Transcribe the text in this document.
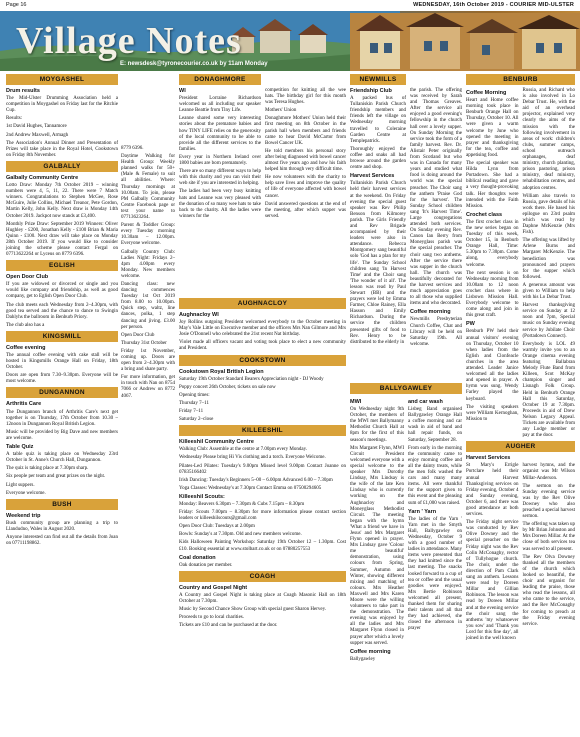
Page 16	WEDNESDAY, 16th October 2019 - COURIER MID-ULSTER
Village Notes
E: newsdesk@tyronecourier.co.uk by 11am Monday
MOYGASHEL
Drum results

The Mid-Ulster Drumming Association held a competition in Moygashel on Friday last for the Ritchie Cup.

Results:

1st David Hughes, Tannamore

2nd Andrew Maxwell, Armagh

The Association's Annual Dinner and Presentation of Prizes will take place in the Royal Hotel, Cookstown on Friday 8th November.

GALBALLY
Galbally Community Centre

Lotto Draw: Monday 7th October 2019 – winning numbers were 4, 5, 11, 22. There were 7 Match winners. Congratulations to Stephen McGee, Rose McGuire, Julie Collins, Michael Treanor, Pete Gordon, Martin Kelly, John Kelly. Next draw is Monday 14th October 2019. Jackpot now stands at £3,400.

Monthly Prize Draw: September 2019 Winners: Oliver Hughley - £200, Jonathan Kelly - £100 Brian & Maria Quinn - £100. Next draw will take place on Monday 28th October 2019. If you would like to consider joining the scheme please contact Fergal on 07713622264 or Lyceus on 8779 6396.

EGLISH
Open Door Club

If you are widowed or divorced or single and you would like company and friendship, as well as good company, get to Eglish Open Door Club.

The club meets each Wednesday from 2–4.30pm, with good tea served and the chance to dance to Swingin Dahlyhs the ballroom in Benburb Priory.

The club also has a

KINGSMILL
Coffee evening

The annual coffee evening with cake stall will be hosted in Kingsmills Orange Hall on Friday, 18th October.

Doors are open from 7.30–9.30pm. Everyone will be most welcome.

DUNGANNON
Arthritis Care

The Dungannon branch of Arthritis Care's next get together is on Thursday, 17th October from 10.30 – 12noon in Dungannon Royal British Legion.

Music will be provided by Big Dave and new members are welcome.

Table Quiz

A table quiz is taking place on Wednesday 23rd October in St. Anne's Church Hall, Dungannon.

The quiz is taking place at 7.30pm sharp.

Six people per team and great prizes on the night.

Light suppers.

Everyone welcome.

BUSH
Weekend trip

Bush community group are planning a trip to Llandudno, Wales in August 2020.

Anyone interested can find out all the details from Joan on 07711198862.

8779 6396.

Daytime Walking for Health Group: Weekly planned walks for 50+ (Male & Female) to suit all abilities. Where: Thursday mornings at 10.00am. To join, please PM Galbally Community Centre Facebook page or text your name to 07713623264.

Parent & Toddler Group: every Tuesday morning 10.30am – 12.00pm. Everyone welcome.

Galbally Country Club: Ladies Night: Fridays 2–4pm 4.00pm every Monday. New members welcome.

Dancing class: new dancing commences Tuesday 1st Oct 2019 from 8.00 to 10.00pm. Quick step, waltz, line dances, polka, 1 step dancing and jiving. £3.00 per person.

Open Door Club

Thursday 31st October

Friday 1st November, coming up. Doors are open from 2–4.30pm with a bring and share party.

For more information, get in touch with Nan on 8754 7066 or Andrew on 8772 4067.

DONAGHMORE
WI

President Lorraine Richardson welcomed us all including our speaker Leanne Beattie from Tiny Life.

Leanne shared some very interesting stories about the premature babies and how TINY LIFE relies on the generosity of the local community to be able to provide all the different services to the families.

Every year in Northern Ireland over 1800 babies are born prematurely.

There are so many different ways to help with this charity and you can visit their web site if you are interested in helping.

The ladies had been very busy knitting hats and Leanne was very pleased with the donation of so many wee hats to take back to the charity. All the ladies were winners for the

competition for knitting all the wee hats. The birthday girl for this month was Teresa Hughes.

Mothers' Union

Donaghmore Mothers' Union held their first meeting on 8th October in the parish hall when members and friends came to hear David McCartor from Bowel Cancer UK.

He told members his personal story after being diagnosed with bowel cancer almost five years ago and how his faith helped him through very difficult time.

He now volunteers with the charity to help save lives and improve the quality of life of everyone affected with bowel cancer.

David answered questions at the end of the meeting, after which supper was served.

AUGHNACLOY
Aughnacloy WI

Joy Rollins outgoing President welcomed everybody to the October meeting in May's Vale Little on Executive member and the officers Mrs Nan Gilmore and Mrs Josie O'Donnell who celebrated the 21st recent Nat birthday.

Violet made all officers vacant and voting took place to elect a new community and President.

COOKSTOWN
Cookstown Royal British Legion

Saturday 19th October Standard Bearers Appreciation night - DJ Woody

Poppy concert 26th October, tickets on sale now

Opening times:

Thursday 7–11

Friday 7–11

Saturday 2–close

KILLEESHIL
Killeeshil Community Centre

Walking Club: Assemble at the centre at 7.00pm every Monday.

Wednesday Please bring Hi Vis clothing and a torch. Everyone Welcome.

Pilates-Led Pilates: Tuesday's 9.00pm Missed level 9.00pm Contact Joanne on 07835166402

Irish Dancing: Tuesday's Beginners 5–00 – 6.00pm Advanced 6.00 – 7.30pm

Yoga Classes: Wednesday's at 7.30pm Contact Emma on 07500294605

Killeeshil Scouts:

Monday: Beavers 6.30pm – 7.30pm & Cubs 7.15pm – 8.30pm

Friday: Scouts 7.00pm – 8.30pm for more information please contact section leaders or killeeshilscouts@gmail.com

Open Door Club: Tuesdays at 2.00pm

Bowls: Sunday's at 7.30pm. Old and new members welcome.

Kids Halloween Painting Workshop: Saturday 19th October 12 – 1.30pm. Cost £10. Booking essential at www.stolbart.co.uk or on 07880257553

Coal donation

Oak donation per member.

COAGH
Country and Gospel Night

A Country and Gospel Night is taking place at Coagh Masonic Hall on 18th October at 7.30pm.

Music by Second Chance Show Group with special guest Sharon Hervey.

Proceeds to go to local charities.

Tickets are £10 and can be purchased at the door.

NEWMILLS
Friendship Club

A packed bus of Tullaniskin Parish Church friendship members and friends left the village on Wednesday morning travelled to Coleraine Garden Centre at Templepatrick.

Thoroughly enjoyed the coffee and snaks all had browse around the garden centre and shop.

Harvest Services

Tullaniskin Parish Church held their harvest services at the weekend. On Friday evening the special guest speaker was Rev Philip Benson from Kilmorey parish. The Girls Friendly and Rev Brigade accompanied by their leaders were also in attendance. Rebecca Montgomery sang beautiful solo 'God has a plan for my life'. The Sunday School children sang 'In Harvest Time' and the Choir sang 'The wonder of it all'. The lesson was read by Paul Stewart (BB) and the prayers were led by Emma Farmer, Chloe Rainey, Ella Hasson and Emily Richardson. During the service the children presented gifts of food to Rev. Henry to be distributed to the elderly in

the parish. The offering was received by Sarah and Thomas Greaves. After the service all enjoyed a good evening's fellowship in the church hall over a lovely supper. On Sunday Morning the service took the form of a family harvest. Rev. Dr. Alistair Peter originally from Scotland but who was in Canada for many years and studied what food is doing around the world was the special preacher. The Choir sang the anthem 'Praise God for the harvest'. The Sunday School children sang 'It's Harvest Time'. Large congregations attended both services. On Sunday evening Rev. Canon Ian Berry from Moneyglass parish was the special preacher. The choir sang two anthems. After the service there was supper in the church hall. The church was beautifully decorated for the harvest services and much appreciation goes to all those who supplied items and who decorated.

Coffee morning

Newmills Presbyterian Church Coffee, Chat and Library will be held on Saturday 19th. All welcome.

BALLYGAWLEY
MWI

On Wednesday night 9th October, the members of the MWI met Ballymanny Methodist Church Hall at 8pm for the first of this season's meetings.

Mrs Margaret Flynn, MWI Circuit President welcomed everyone with a special welcome to the speaker Mrs Dorothy Lindsay, Mrs Lindsay is the wife of the late Ken Lindsay who is currently working on the Aughnacloy and Moneyglass Methodist Circuit. The meeting began with the hymn 'What a friend we have in Jesus' and Mrs Margaret Flynn opened in prayer. Mrs Lindsay gave 'Colour me beautiful' demonstration, using colours from Spring, Summer, Autumn and Winter, showing different mixing and matching of colours. Mrs Heather Maxwell and Mrs Karen Moore were the willing volunteers to take part in the demonstration. The evening was enjoyed by all the ladies and Mrs Margaret Flynn closed in prayer after which a lovely supper was served.

Coffee morning

Ballygawley

and car wash

Lisbeg Band organised Ballygawley Orange Hall a coffee morning and car wash in aid of band and hall repair funds, on Saturday, September 28.

From early in the morning the community came to enjoy morning coffee and all the dainty treats, while the men folk washed the cars and many many items. All were thankful for the support given to this event and the pleasing sum of £1,000 was raised.

Yarn ' Yarn

The ladies of the Yarn ' Yarn met in the Smyth Hall, Ballygawley on Wednesday, October 9 with a good number of ladies in attendance. Many items were presented that they had knitted since the last meeting. The snacks looked forward to a cup of tea or coffee and the usual goodies were enjoyed. Mrs Bertie Robinson welcomed all present, thanked them for sharing their talents and all that they had achieved, she closed the afternoon in prayer

BENBURB
Coffee Morning

Heart and Home coffee morning took place in Benburb Orange Hall on Thursday, October 10. All were given a warm welcome by June who opened the meeting in prayer and thanksgiving for the tea, coffee and appetising food.

The special speaker was Hilda Lynn from Portadown. She had a biblical reading and gave a very thought-provoking talk. Her thoughts were intended with the Faith Mission.

Crochet class

The first crochet class in the new series began on Tuesday of this week, October 15, in Benburb Orange Hall, Time: 5.30pm to 7.30pm. Come along, everybody welcome.

The next session is on Wednesday morning from 10.00am to 12 noon crochet class where in Lisbown Mission Hall. Everybody welcome to come along and join in this great craft.

PW

Benburb PW held their annual visitors' evening on Thursday, October 10 when ladies from the Eglish and Clonfeacle churches in the area attended. Leader Janice welcomed all the ladies and opened in prayer. A hymn was sung. Wendy Farley played the keyboard.

The visiting speakers were William Kernoghan, Mission to

Russia, and Richard who is also involved in Lo Debar Trust. He, with the aid of an overhead projector, explained very clearly the aims of the mission with the following involvement in areas of work: children's clubs, summer camps, school outreach orphanages, deaf ministry, church planting, prison pastoring, prison ministry, deaf ministry, rehabilitation centres, and adoption centres.

William also travels to Russia, gave details of his work there. He based his epilogue on 23rd psalm which was read by Daphne McKenzie (Mrs Fish).

The offering was lifted by Arlene Burns and Margaret McKenzie. The benediction was pronounced and prayers for the supper which followed.

A generous amount was given to William to help with his Lo Debar Trust.

Harvest thanksgiving service on Sunday at 12 noon and 7pm, Special music on Sunday evening service by Jubilate Choir (Portadown Connect).

Everybody is LOL 49 warmly invite you to an Orange cinema evening featuring Ballabran Melody Flute Band from Killeen, Scot McKay champion singer and Lisnagh Folk Group. Held in Benburb Orange Hall this Saturday, October 19 at 7.30pm. Proceeds in aid of Drew Nelson Legacy Appeal. Tickets are available from any Lodge member or pay at the door.

AUGHER
Harvest Services

St Mary's Errigle Portclare held their annual Harvest Thanksgiving services on Friday evening, October 4 and Sunday evening, October 6, and there was good attendance at both services.

The Friday night service was conducted by Rev Olive Downey and the special preacher on the Friday night was the Rev Colin McConaghy, rector of Tullyhogue church. The choir, under the direction of Pam Clark sang an anthem. Lessons were read by Doreen Millar and Gillian Robinson. The lesson was read by Doreen Millar and at the evening service the choir sang the anthems 'my whatsoever you sow' and 'Thank you Lord for this fine day', all joined in the well known

harvest hymns, and the organist was Mr Wilson Millar-Anderson.

The sermon on the Sunday evening service was by the Rev Olive Downey who also preached a special harvest sermon.

The offering was taken up by Mr Brian Johnston and Mrs Doreen Millar. At the close of both services tea was served to all present.

The Rev Olva Downey thanked all the members of the church which looked so beautiful, the choir and organist for leading the praise, those who read the lessons, all who came to the service, and the Rev McConaghy for coming to preach at the Friday evening service.
